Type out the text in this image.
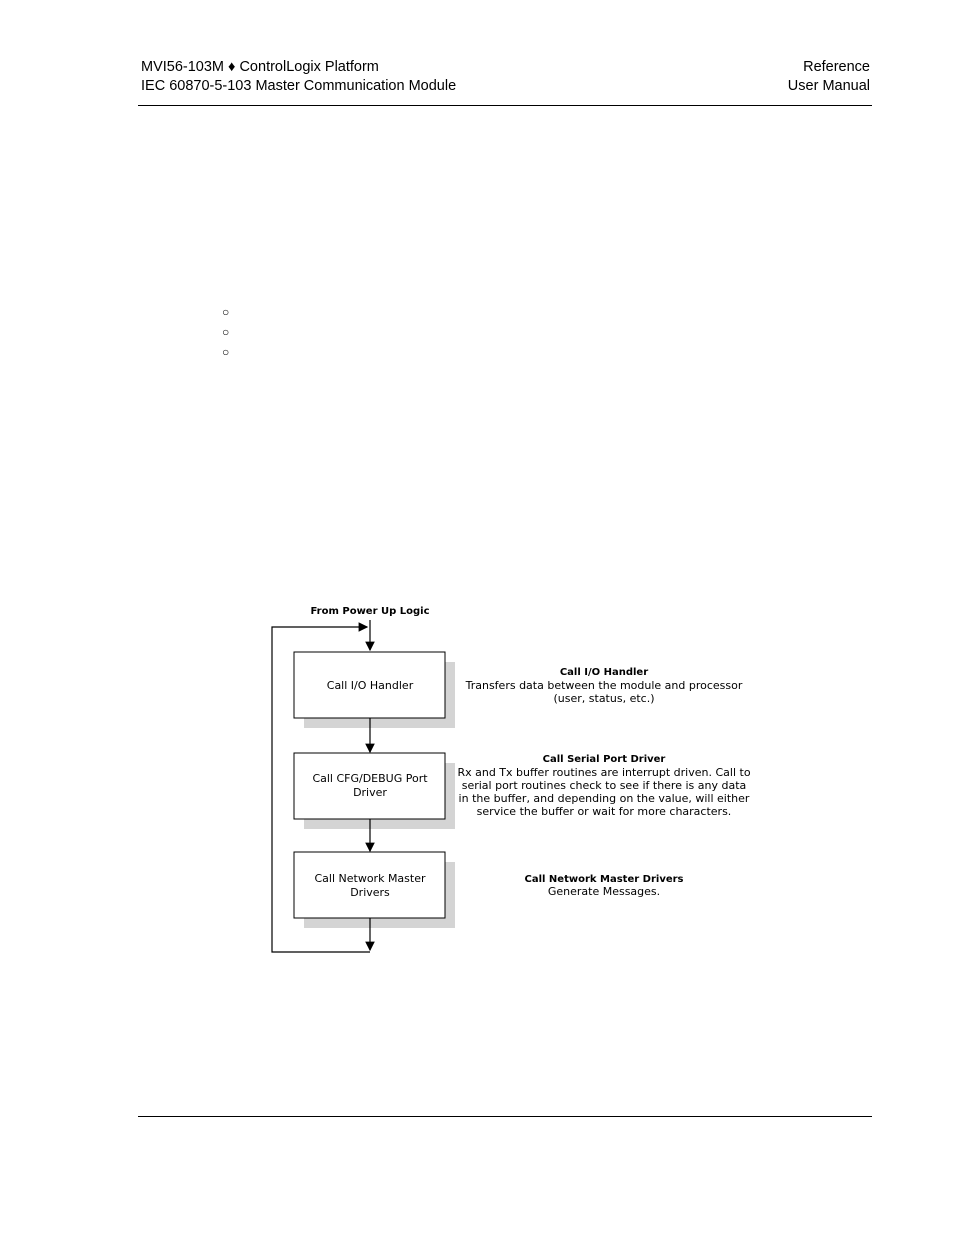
MVI56-103M ♦ ControlLogix Platform
IEC 60870-5-103 Master Communication Module
Reference
User Manual
○
○
○
From Power Up Logic
Call I/O Handler
Call CFG/DEBUG Port
Driver
Call Network Master
Drivers
Call I/O Handler
Transfers data between the module and processor
(user, status, etc.)
Call Serial Port Driver
Rx and Tx buffer routines are interrupt driven. Call to
serial port routines check to see if there is any data
in the buffer, and depending on the value, will either
service the buffer or wait for more characters.
Call Network Master Drivers
Generate Messages.
